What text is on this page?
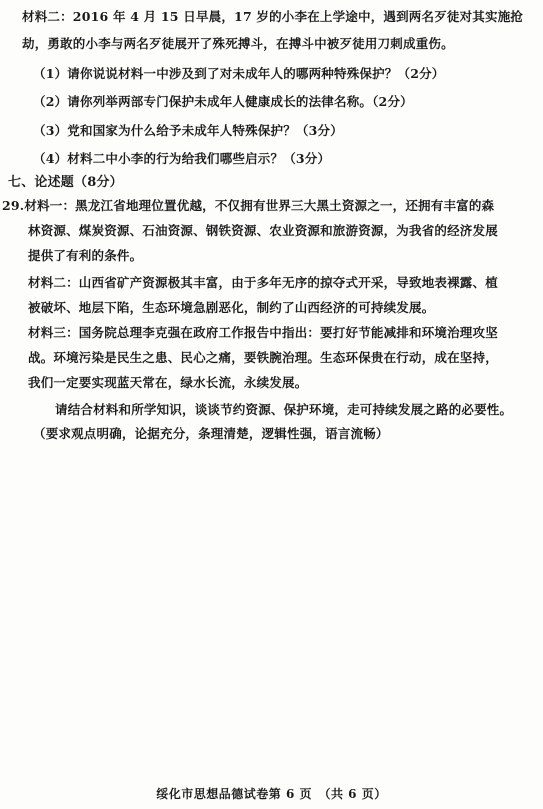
材料二：2016 年 4 月 15 日早晨，17 岁的小李在上学途中，遇到两名歹徒对其实施抢
劫，勇敢的小李与两名歹徒展开了殊死搏斗，在搏斗中被歹徒用刀刺成重伤。
（1）请你说说材料一中涉及到了对未成年人的哪两种特殊保护？（2分）
（2）请你列举两部专门保护未成年人健康成长的法律名称。（2分）
（3）党和国家为什么给予未成年人特殊保护？（3分）
（4）材料二中小李的行为给我们哪些启示？（3分）
七、论述题（8分）
29.材料一：黑龙江省地理位置优越，不仅拥有世界三大黑土资源之一，还拥有丰富的森
林资源、煤炭资源、石油资源、钢铁资源、农业资源和旅游资源，为我省的经济发展
提供了有利的条件。
材料二：山西省矿产资源极其丰富，由于多年无序的掠夺式开采，导致地表裸露、植
被破坏、地层下陷，生态环境急剧恶化，制约了山西经济的可持续发展。
材料三：国务院总理李克强在政府工作报告中指出：要打好节能减排和环境治理攻坚
战。环境污染是民生之患、民心之痛，要铁腕治理。生态环保贵在行动，成在坚持，
我们一定要实现蓝天常在，绿水长流，永续发展。
请结合材料和所学知识，谈谈节约资源、保护环境，走可持续发展之路的必要性。
（要求观点明确，论据充分，条理清楚，逻辑性强，语言流畅）
绥化市思想品德试卷第 6 页　（共 6 页）
